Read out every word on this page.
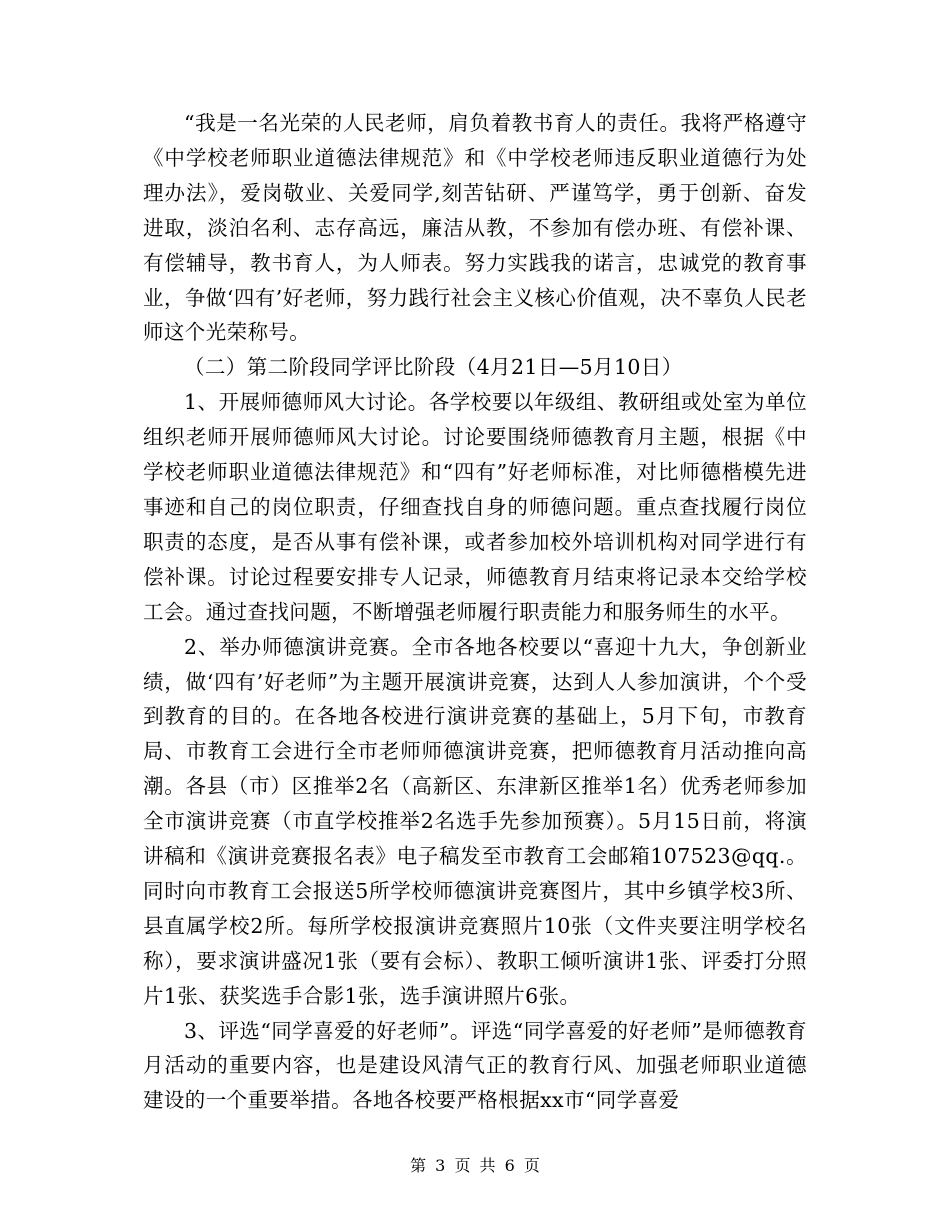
“我是一名光荣的人民老师，肩负着教书育人的责任。我将严格遵守《中学校老师职业道德法律规范》和《中学校老师违反职业道德行为处理办法》，爱岗敬业、关爱同学,刻苦钻研、严谨笃学，勇于创新、奋发进取，淡泊名利、志存高远，廉洁从教，不参加有偿办班、有偿补课、有偿辅导，教书育人，为人师表。努力实践我的诺言，忠诚党的教育事业，争做‘四有’好老师，努力践行社会主义核心价值观，决不辜负人民老师这个光荣称号。

（二）第二阶段同学评比阶段（4月21日—5月10日）

1、开展师德师风大讨论。各学校要以年级组、教研组或处室为单位组织老师开展师德师风大讨论。讨论要围绕师德教育月主题，根据《中学校老师职业道德法律规范》和“四有”好老师标准，对比师德楷模先进事迹和自己的岗位职责，仔细查找自身的师德问题。重点查找履行岗位职责的态度，是否从事有偿补课，或者参加校外培训机构对同学进行有偿补课。讨论过程要安排专人记录，师德教育月结束将记录本交给学校工会。通过查找问题，不断增强老师履行职责能力和服务师生的水平。

2、举办师德演讲竞赛。全市各地各校要以“喜迎十九大，争创新业绩，做‘四有’好老师”为主题开展演讲竞赛，达到人人参加演讲，个个受到教育的目的。在各地各校进行演讲竞赛的基础上，5月下旬，市教育局、市教育工会进行全市老师师德演讲竞赛，把师德教育月活动推向高潮。各县（市）区推举2名（高新区、东津新区推举1名）优秀老师参加全市演讲竞赛（市直学校推举2名选手先参加预赛）。5月15日前，将演讲稿和《演讲竞赛报名表》电子稿发至市教育工会邮箱107523@qq.。同时向市教育工会报送5所学校师德演讲竞赛图片，其中乡镇学校3所、县直属学校2所。每所学校报演讲竞赛照片10张（文件夹要注明学校名称），要求演讲盛况1张（要有会标）、教职工倾听演讲1张、评委打分照片1张、获奖选手合影1张，选手演讲照片6张。

3、评选“同学喜爱的好老师”。评选“同学喜爱的好老师”是师德教育月活动的重要内容，也是建设风清气正的教育行风、加强老师职业道德建设的一个重要举措。各地各校要严格根据xx市“同学喜爱

第 3 页 共 6 页
